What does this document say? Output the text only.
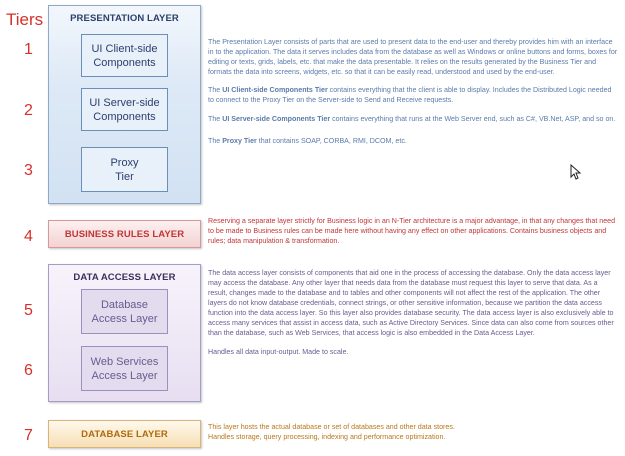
Tiers
1
2
3
4
5
6
7
PRESENTATION LAYER
UI Client-side
Components
UI Server-side
Components
Proxy
Tier
BUSINESS RULES LAYER
DATA ACCESS LAYER
Database
Access Layer
Web Services
Access Layer
DATABASE LAYER

The Presentation Layer consists of parts that are used to present data to the end-user and thereby provides him with an interface in to the application. The data it serves includes data from the database as well as Windows or online buttons and forms, boxes for editing or texts, grids, labels, etc. that make the data presentable. It relies on the results generated by the Business Tier and formats the data into screens, widgets, etc. so that it can be easily read, understood and used by the end-user.

The UI Client-side Components Tier contains everything that the client is able to display. Includes the Distributed Logic needed to connect to the Proxy Tier on the Server-side to Send and Receive requests.

The UI Server-side Components Tier contains everything that runs at the Web Server end, such as C#, VB.Net, ASP, and so on.

The Proxy Tier that contains SOAP, CORBA, RMI, DCOM, etc.

Reserving a separate layer strictly for Business logic in an N-Tier architecture is a major advantage, in that any changes that need to be made to Business rules can be made here without having any effect on other applications. Contains business objects and rules; data manipulation & transformation.

The data access layer consists of components that aid one in the process of accessing the database. Only the data access layer may access the database. Any other layer that needs data from the database must request this layer to serve that data. As a result, changes made to the database and to tables and other components will not affect the rest of the application. The other layers do not know database credentials, connect strings, or other sensitive information, because we partition the data access function into the data access layer. So this layer also provides database security. The data access layer is also exclusively able to access many services that assist in access data, such as Active Directory Services. Since data can also come from sources other than the database, such as Web Services, that access logic is also embedded in the Data Access Layer.

Handles all data input-output. Made to scale.

This layer hosts the actual database or set of databases and other data stores.

Handles storage, query processing, indexing and performance optimization.
